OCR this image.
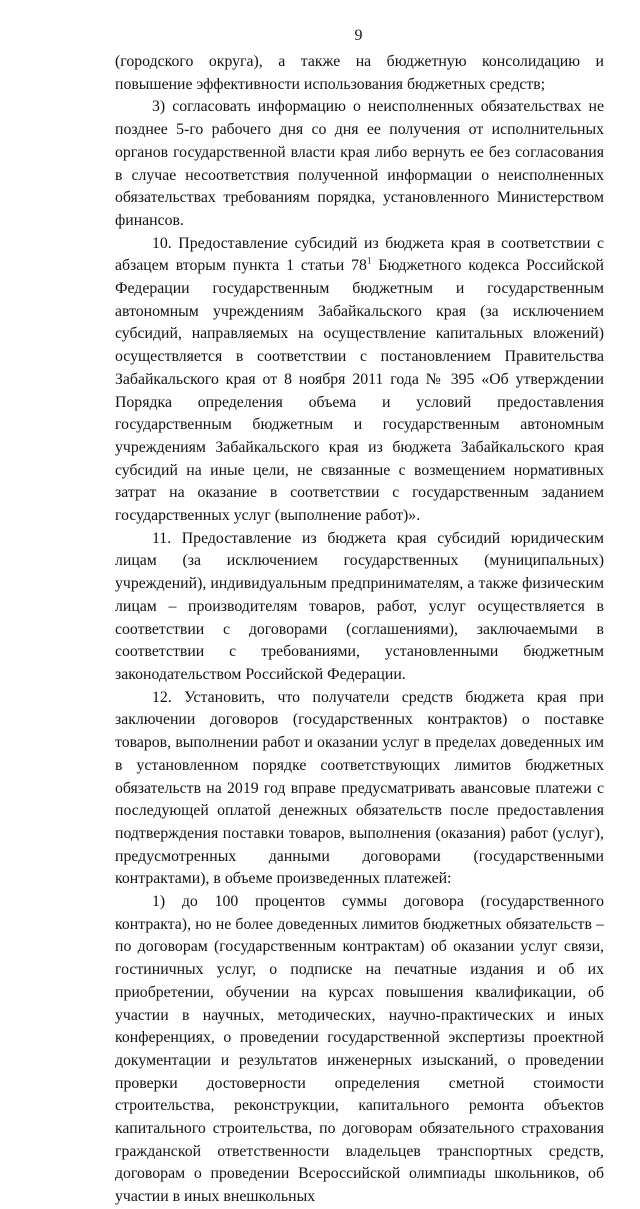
9

(городского округа), а также на бюджетную консолидацию и повышение эффективности использования бюджетных средств;

3) согласовать информацию о неисполненных обязательствах не позднее 5-го рабочего дня со дня ее получения от исполнительных органов государственной власти края либо вернуть ее без согласования в случае несоответствия полученной информации о неисполненных обязательствах требованиям порядка, установленного Министерством финансов.

10. Предоставление субсидий из бюджета края в соответствии с абзацем вторым пункта 1 статьи $78^1$ Бюджетного кодекса Российской Федерации государственным бюджетным и государственным автономным учреждениям Забайкальского края (за исключением субсидий, направляемых на осуществление капитальных вложений) осуществляется в соответствии с постановлением Правительства Забайкальского края от 8 ноября 2011 года № 395 «Об утверждении Порядка определения объема и условий предоставления государственным бюджетным и государственным автономным учреждениям Забайкальского края из бюджета Забайкальского края субсидий на иные цели, не связанные с возмещением нормативных затрат на оказание в соответствии с государственным заданием государственных услуг (выполнение работ)».

11. Предоставление из бюджета края субсидий юридическим лицам (за исключением государственных (муниципальных) учреждений), индивидуальным предпринимателям, а также физическим лицам – производителям товаров, работ, услуг осуществляется в соответствии с договорами (соглашениями), заключаемыми в соответствии с требованиями, установленными бюджетным законодательством Российской Федерации.

12. Установить, что получатели средств бюджета края при заключении договоров (государственных контрактов) о поставке товаров, выполнении работ и оказании услуг в пределах доведенных им в установленном порядке соответствующих лимитов бюджетных обязательств на 2019 год вправе предусматривать авансовые платежи с последующей оплатой денежных обязательств после предоставления подтверждения поставки товаров, выполнения (оказания) работ (услуг), предусмотренных данными договорами (государственными контрактами), в объеме произведенных платежей:

1) до 100 процентов суммы договора (государственного контракта), но не более доведенных лимитов бюджетных обязательств – по договорам (государственным контрактам) об оказании услуг связи, гостиничных услуг, о подписке на печатные издания и об их приобретении, обучении на курсах повышения квалификации, об участии в научных, методических, научно-практических и иных конференциях, о проведении государственной экспертизы проектной документации и результатов инженерных изысканий, о проведении проверки достоверности определения сметной стоимости строительства, реконструкции, капитального ремонта объектов капитального строительства, по договорам обязательного страхования гражданской ответственности владельцев транспортных средств, договорам о проведении Всероссийской олимпиады школьников, об участии в иных внешкольных
